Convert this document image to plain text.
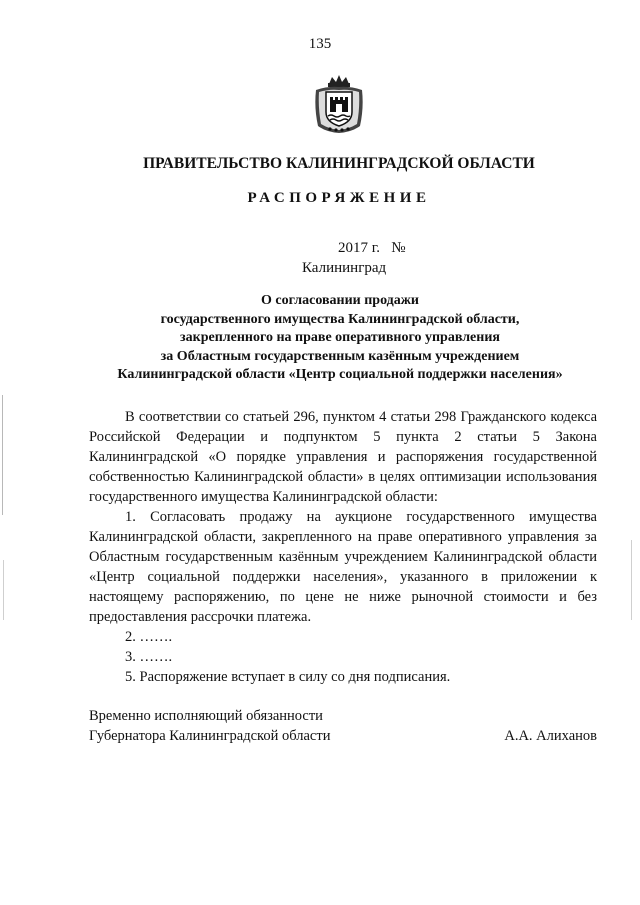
135
ПРАВИТЕЛЬСТВО КАЛИНИНГРАДСКОЙ ОБЛАСТИ
РАСПОРЯЖЕНИЕ
2017 г.   №
Калининград
О согласовании продажи
государственного имущества Калининградской области,
закрепленного на праве оперативного управления
за Областным государственным казённым учреждением
Калининградской области «Центр социальной поддержки населения»

В соответствии со статьей 296, пунктом 4 статьи 298 Гражданского кодекса Российской Федерации и подпунктом 5 пункта 2 статьи 5 Закона Калининградской «О порядке управления и распоряжения государственной собственностью Калининградской области» в целях оптимизации использования государственного имущества Калининградской области:

1. Согласовать продажу на аукционе государственного имущества Калининградской области, закрепленного на праве оперативного управления за Областным государственным казённым учреждением Калининградской области «Центр социальной поддержки населения», указанного в приложении к настоящему распоряжению, по цене не ниже рыночной стоимости и без предоставления рассрочки платежа.

2. …….

3. …….

5. Распоряжение вступает в силу со дня подписания.

Временно исполняющий обязанности
Губернатора Калининградской области	А.А. Алиханов
